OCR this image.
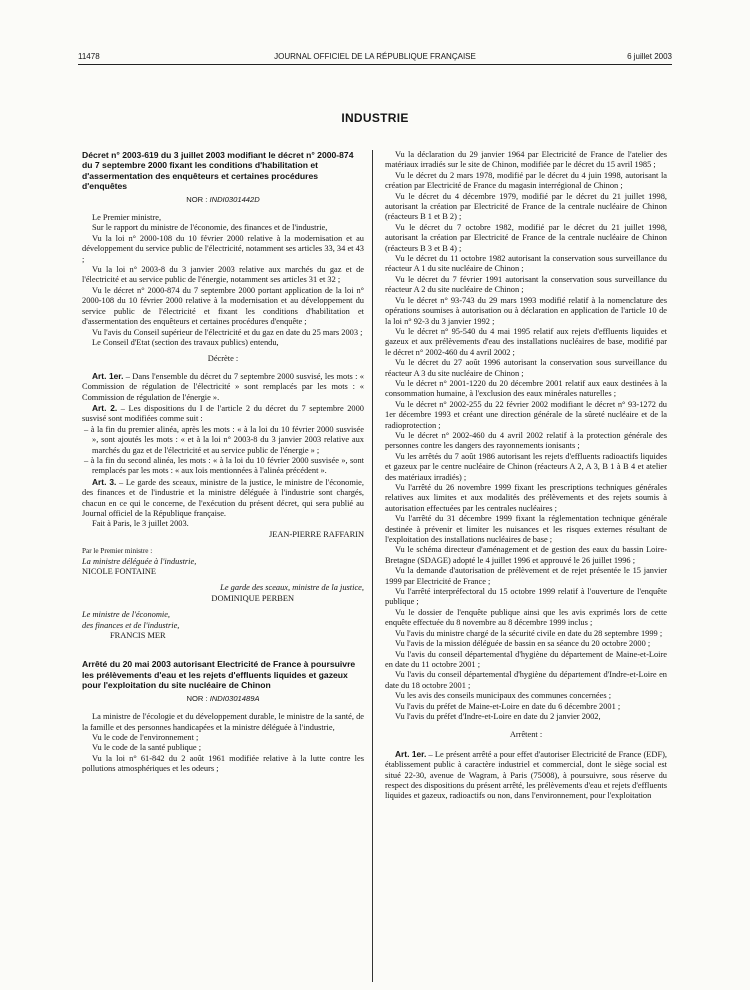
11478	JOURNAL OFFICIEL DE LA RÉPUBLIQUE FRANÇAISE	6 juillet 2003
INDUSTRIE
Décret n° 2003-619 du 3 juillet 2003 modifiant le décret n° 2000-874 du 7 septembre 2000 fixant les conditions d'habilitation et d'assermentation des enquêteurs et certaines procédures d'enquêtes
NOR : INDI0301442D

Le Premier ministre,

Sur le rapport du ministre de l'économie, des finances et de l'industrie,

Vu la loi n° 2000-108 du 10 février 2000 relative à la modernisation et au développement du service public de l'électricité, notamment ses articles 33, 34 et 43 ;

Vu la loi n° 2003-8 du 3 janvier 2003 relative aux marchés du gaz et de l'électricité et au service public de l'énergie, notamment ses articles 31 et 32 ;

Vu le décret n° 2000-874 du 7 septembre 2000 portant application de la loi n° 2000-108 du 10 février 2000 relative à la modernisation et au développement du service public de l'électricité et fixant les conditions d'habilitation et d'assermentation des enquêteurs et certaines procédures d'enquête ;

Vu l'avis du Conseil supérieur de l'électricité et du gaz en date du 25 mars 2003 ;

Le Conseil d'Etat (section des travaux publics) entendu,

Décrète :

Art. 1er. – Dans l'ensemble du décret du 7 septembre 2000 susvisé, les mots : « Commission de régulation de l'électricité » sont remplacés par les mots : « Commission de régulation de l'énergie ».

Art. 2. – Les dispositions du I de l'article 2 du décret du 7 septembre 2000 susvisé sont modifiées comme suit :

– à la fin du premier alinéa, après les mots : « à la loi du 10 février 2000 susvisée », sont ajoutés les mots : « et à la loi n° 2003-8 du 3 janvier 2003 relative aux marchés du gaz et de l'électricité et au service public de l'énergie » ;

– à la fin du second alinéa, les mots : « à la loi du 10 février 2000 susvisée », sont remplacés par les mots : « aux lois mentionnées à l'alinéa précédent ».

Art. 3. – Le garde des sceaux, ministre de la justice, le ministre de l'économie, des finances et de l'industrie et la ministre déléguée à l'industrie sont chargés, chacun en ce qui le concerne, de l'exécution du présent décret, qui sera publié au Journal officiel de la République française.

Fait à Paris, le 3 juillet 2003.

JEAN-PIERRE RAFFARIN

Par le Premier ministre :

La ministre déléguée à l'industrie,

NICOLE FONTAINE

Le garde des sceaux, ministre de la justice,

DOMINIQUE PERBEN

Le ministre de l'économie,

des finances et de l'industrie,

FRANCIS MER

Arrêté du 20 mai 2003 autorisant Electricité de France à poursuivre les prélèvements d'eau et les rejets d'effluents liquides et gazeux pour l'exploitation du site nucléaire de Chinon
NOR : INDI0301489A

La ministre de l'écologie et du développement durable, le ministre de la santé, de la famille et des personnes handicapées et la ministre déléguée à l'industrie,

Vu le code de l'environnement ;

Vu le code de la santé publique ;

Vu la loi n° 61-842 du 2 août 1961 modifiée relative à la lutte contre les pollutions atmosphériques et les odeurs ;

Vu la déclaration du 29 janvier 1964 par Electricité de France de l'atelier des matériaux irradiés sur le site de Chinon, modifiée par le décret du 15 avril 1985 ;

Vu le décret du 2 mars 1978, modifié par le décret du 4 juin 1998, autorisant la création par Electricité de France du magasin interrégional de Chinon ;

Vu le décret du 4 décembre 1979, modifié par le décret du 21 juillet 1998, autorisant la création par Electricité de France de la centrale nucléaire de Chinon (réacteurs B 1 et B 2) ;

Vu le décret du 7 octobre 1982, modifié par le décret du 21 juillet 1998, autorisant la création par Electricité de France de la centrale nucléaire de Chinon (réacteurs B 3 et B 4) ;

Vu le décret du 11 octobre 1982 autorisant la conservation sous surveillance du réacteur A 1 du site nucléaire de Chinon ;

Vu le décret du 7 février 1991 autorisant la conservation sous surveillance du réacteur A 2 du site nucléaire de Chinon ;

Vu le décret n° 93-743 du 29 mars 1993 modifié relatif à la nomenclature des opérations soumises à autorisation ou à déclaration en application de l'article 10 de la loi n° 92-3 du 3 janvier 1992 ;

Vu le décret n° 95-540 du 4 mai 1995 relatif aux rejets d'effluents liquides et gazeux et aux prélèvements d'eau des installations nucléaires de base, modifié par le décret n° 2002-460 du 4 avril 2002 ;

Vu le décret du 27 août 1996 autorisant la conservation sous surveillance du réacteur A 3 du site nucléaire de Chinon ;

Vu le décret n° 2001-1220 du 20 décembre 2001 relatif aux eaux destinées à la consommation humaine, à l'exclusion des eaux minérales naturelles ;

Vu le décret n° 2002-255 du 22 février 2002 modifiant le décret n° 93-1272 du 1er décembre 1993 et créant une direction générale de la sûreté nucléaire et de la radioprotection ;

Vu le décret n° 2002-460 du 4 avril 2002 relatif à la protection générale des personnes contre les dangers des rayonnements ionisants ;

Vu les arrêtés du 7 août 1986 autorisant les rejets d'effluents radioactifs liquides et gazeux par le centre nucléaire de Chinon (réacteurs A 2, A 3, B 1 à B 4 et atelier des matériaux irradiés) ;

Vu l'arrêté du 26 novembre 1999 fixant les prescriptions techniques générales relatives aux limites et aux modalités des prélèvements et des rejets soumis à autorisation effectuées par les centrales nucléaires ;

Vu l'arrêté du 31 décembre 1999 fixant la réglementation technique générale destinée à prévenir et limiter les nuisances et les risques externes résultant de l'exploitation des installations nucléaires de base ;

Vu le schéma directeur d'aménagement et de gestion des eaux du bassin Loire-Bretagne (SDAGE) adopté le 4 juillet 1996 et approuvé le 26 juillet 1996 ;

Vu la demande d'autorisation de prélèvement et de rejet présentée le 15 janvier 1999 par Electricité de France ;

Vu l'arrêté interpréfectoral du 15 octobre 1999 relatif à l'ouverture de l'enquête publique ;

Vu le dossier de l'enquête publique ainsi que les avis exprimés lors de cette enquête effectuée du 8 novembre au 8 décembre 1999 inclus ;

Vu l'avis du ministre chargé de la sécurité civile en date du 28 septembre 1999 ;

Vu l'avis de la mission déléguée de bassin en sa séance du 20 octobre 2000 ;

Vu l'avis du conseil départemental d'hygiène du département de Maine-et-Loire en date du 11 octobre 2001 ;

Vu l'avis du conseil départemental d'hygiène du département d'Indre-et-Loire en date du 18 octobre 2001 ;

Vu les avis des conseils municipaux des communes concernées ;

Vu l'avis du préfet de Maine-et-Loire en date du 6 décembre 2001 ;

Vu l'avis du préfet d'Indre-et-Loire en date du 2 janvier 2002,

Arrêtent :

Art. 1er. – Le présent arrêté a pour effet d'autoriser Electricité de France (EDF), établissement public à caractère industriel et commercial, dont le siège social est situé 22-30, avenue de Wagram, à Paris (75008), à poursuivre, sous réserve du respect des dispositions du présent arrêté, les prélèvements d'eau et rejets d'effluents liquides et gazeux, radioactifs ou non, dans l'environnement, pour l'exploitation
